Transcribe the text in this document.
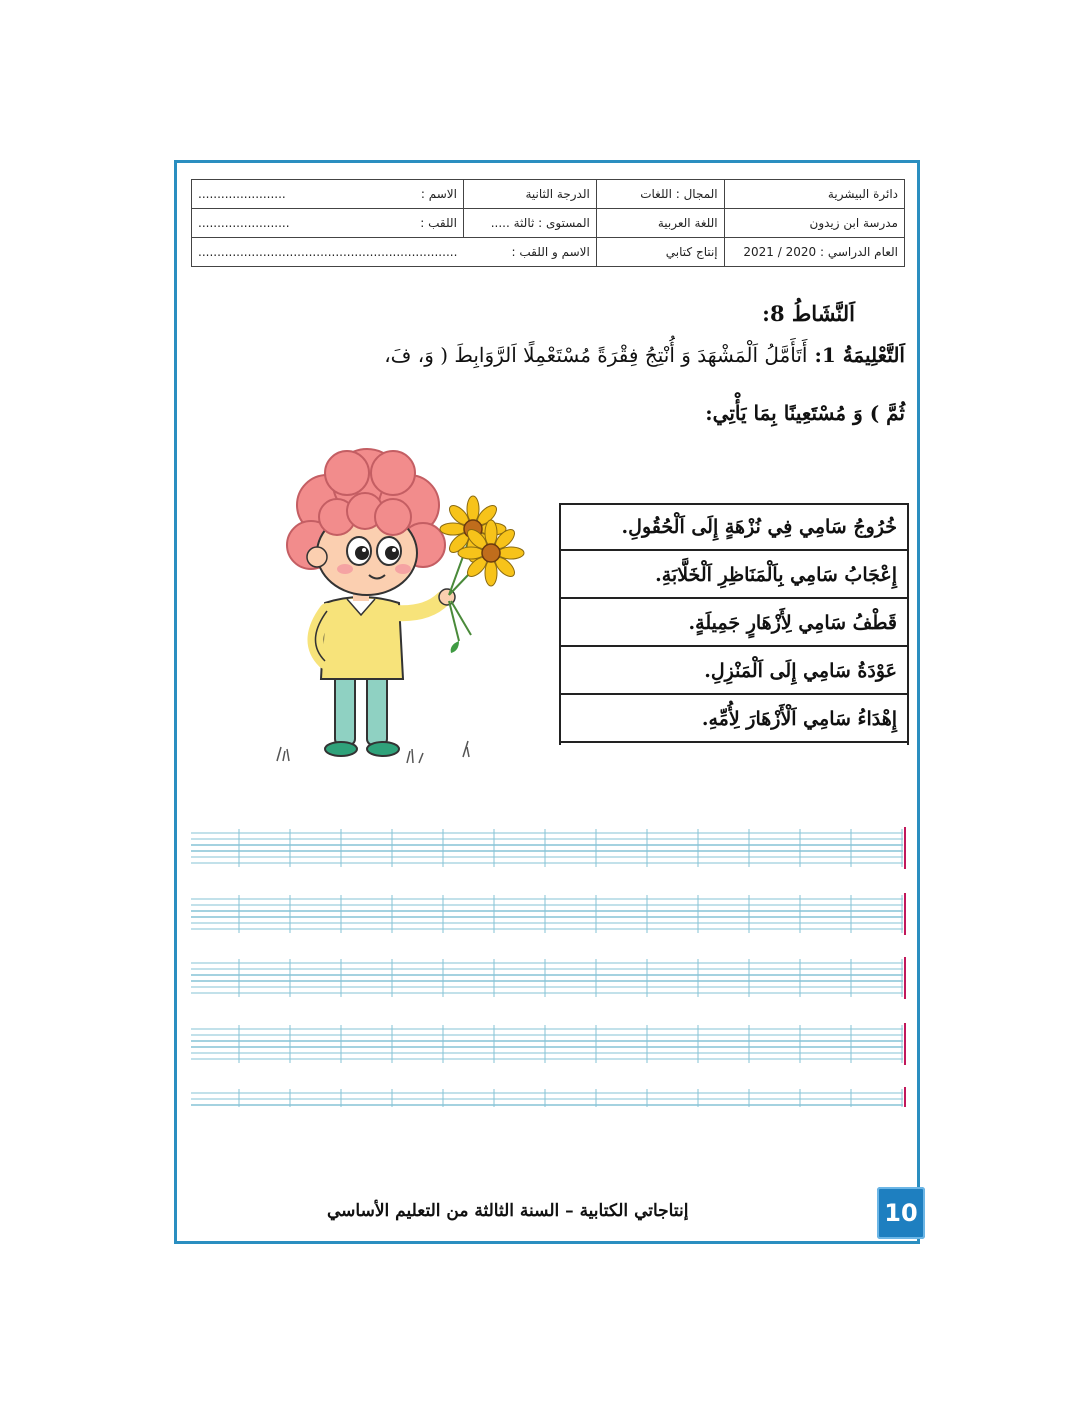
دائرة البيشرية	المجال : اللغات	الدرجة الثانية	الاسم :	.......................
مدرسة ابن زيدون	اللغة العربية	المستوى : ثالثة .....	اللقب :	........................
العام الدراسي : 2020 / 2021	إنتاج كتابي	الاسم و اللقب :	....................................................................	
اَلنَّشَاطُ 8:
اَلتَّعْلِيمَةُ 1: أَتَأَمَّلُ اَلْمَشْهَدَ وَ أُنْتِجُ فِقْرَةً مُسْتَعْمِلًا اَلرَّوَابِطَ ( وَ، فَ،
ثُمَّ ) وَ مُسْتَعِينًا بِمَا يَأْتِي:
خُرُوجُ سَامِي فِي نُزْهَةٍ إِلَى اَلْحُقُولِ.
إِعْجَابُ سَامِي بِاَلْمَنَاظِرِ اَلْخَلَّابَةِ.
قَطْفُ سَامِي لِأَزْهَارٍ جَمِيلَةٍ.
عَوْدَةُ سَامِي إِلَى اَلْمَنْزِلِ.
إِهْدَاءُ سَامِي اَلْأَزْهَارَ لِأُمِّهِ.
إنتاجاتي الكتابية – السنة الثالثة من التعليم الأساسي	10
